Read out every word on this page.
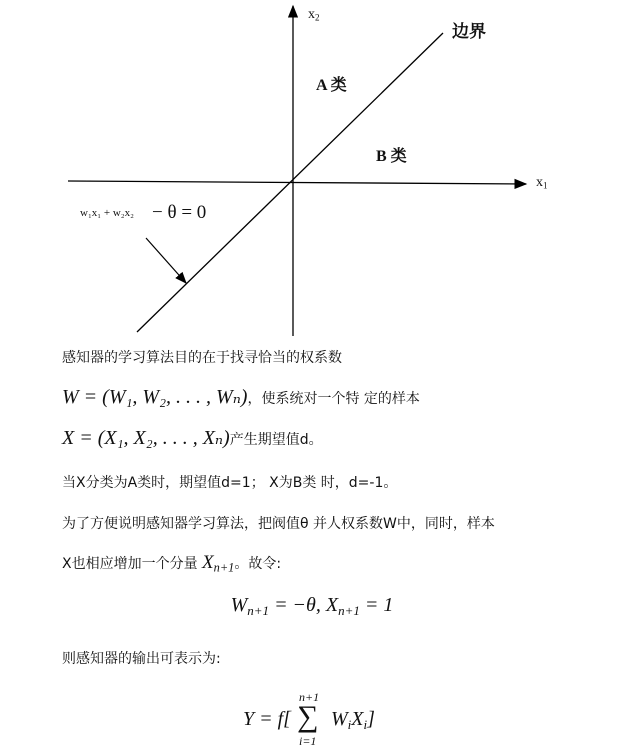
$x_2$
$x_1$
边界
A 类
B 类
w₁x₁ + w₂x₂ − θ = 0
感知器的学习算法目的在于找寻恰当的权系数
W = (W₁, W₂, . . . , Wₙ)，使系统对一个特 定的样本
X = (X₁, X₂, . . . , Xₙ)产生期望值d。
当X分类为A类时，期望值d=1； X为B类 时，d=-1。
为了方便说明感知器学习算法，把阀值θ 并人权系数W中，同时，样本
X也相应增加一个分量 $X_{n+1}$。故令:
$W_{n+1} = -\theta$, $X_{n+1} = 1$
则感知器的输出可表示为:
Y = f[ ∑
n+1
i=1
$W_iX_i$]
